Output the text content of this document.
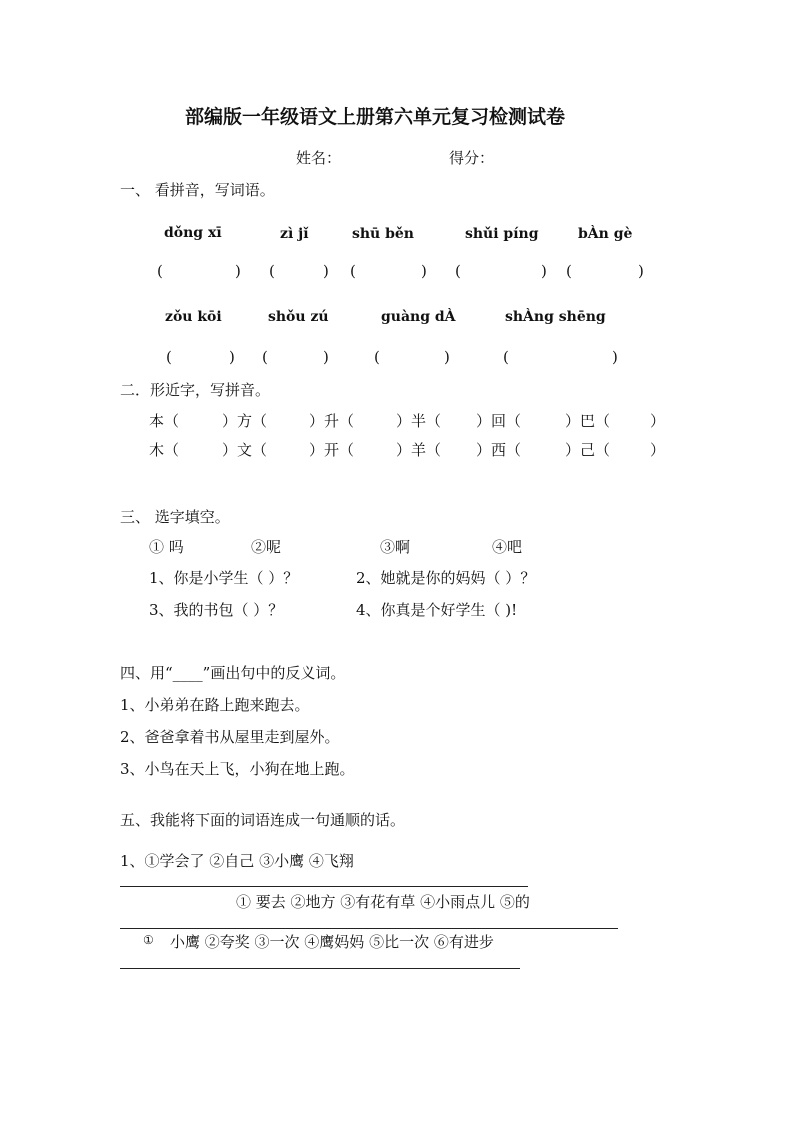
部编版一年级语文上册第六单元复习检测试卷
姓名：	得分：
一、 看拼音，写词语。
dǒng xī	zì jǐ	shū běn	shǔi píng	bÀn gè
(	) (	) (	) (	) (	)
zǒu kōi	shǒu zú	guàng dÀ	shÀng shēng
(	) (	)	(	)	(	)
二．形近字，写拼音。
本（	）方（	）升（	）半（ ）回（	）巴（	）
木（	）文（	）开（	）羊（ ）西（	）己（	）
三、 选字填空。
① 吗	②呢	③啊	④吧
1、你是小学生（ ）？	2、她就是你的妈妈（ ）？
3、我的书包（ ）？	4、你真是个好学生（ )!
四、用“____”画出句中的反义词。
1、小弟弟在路上跑来跑去。
2、爸爸拿着书从屋里走到屋外。
3、小鸟在天上飞，小狗在地上跑。
五、我能将下面的词语连成一句通顺的话。
1、①学会了 ②自己 ③小鹰 ④飞翔
① 要去 ②地方 ③有花有草 ④小雨点儿 ⑤的
① 小鹰 ②夸奖 ③一次 ④鹰妈妈 ⑤比一次 ⑥有进步
